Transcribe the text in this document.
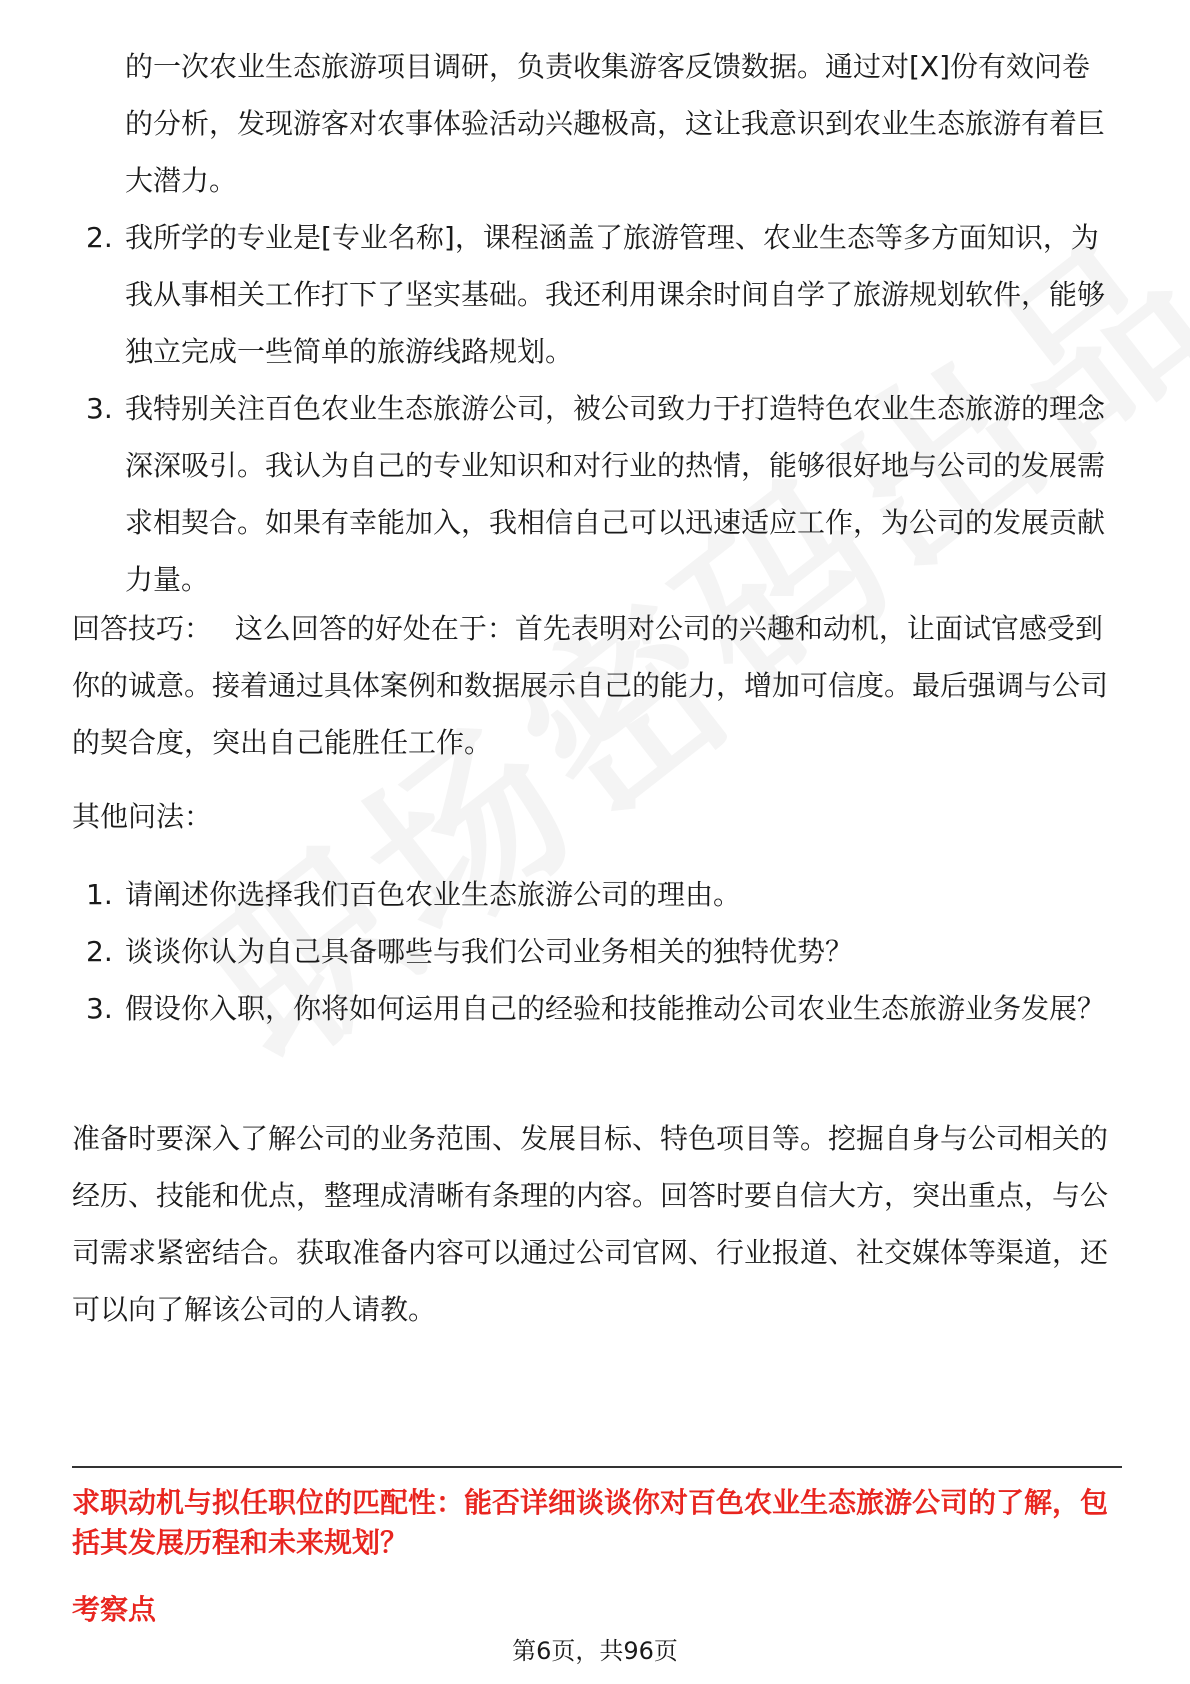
的一次农业生态旅游项目调研，负责收集游客反馈数据。通过对[X]份有效问卷的分析，发现游客对农事体验活动兴趣极高，这让我意识到农业生态旅游有着巨大潜力。
2. 我所学的专业是[专业名称]，课程涵盖了旅游管理、农业生态等多方面知识，为我从事相关工作打下了坚实基础。我还利用课余时间自学了旅游规划软件，能够独立完成一些简单的旅游线路规划。
3. 我特别关注百色农业生态旅游公司，被公司致力于打造特色农业生态旅游的理念深深吸引。我认为自己的专业知识和对行业的热情，能够很好地与公司的发展需求相契合。如果有幸能加入，我相信自己可以迅速适应工作，为公司的发展贡献力量。
回答技巧： 这么回答的好处在于：首先表明对公司的兴趣和动机，让面试官感受到你的诚意。接着通过具体案例和数据展示自己的能力，增加可信度。最后强调与公司的契合度，突出自己能胜任工作。
其他问法：
1. 请阐述你选择我们百色农业生态旅游公司的理由。
2. 谈谈你认为自己具备哪些与我们公司业务相关的独特优势？
3. 假设你入职，你将如何运用自己的经验和技能推动公司农业生态旅游业务发展？
准备时要深入了解公司的业务范围、发展目标、特色项目等。挖掘自身与公司相关的经历、技能和优点，整理成清晰有条理的内容。回答时要自信大方，突出重点，与公司需求紧密结合。获取准备内容可以通过公司官网、行业报道、社交媒体等渠道，还可以向了解该公司的人请教。
求职动机与拟任职位的匹配性：能否详细谈谈你对百色农业生态旅游公司的了解，包括其发展历程和未来规划？
考察点
第6页，共96页
